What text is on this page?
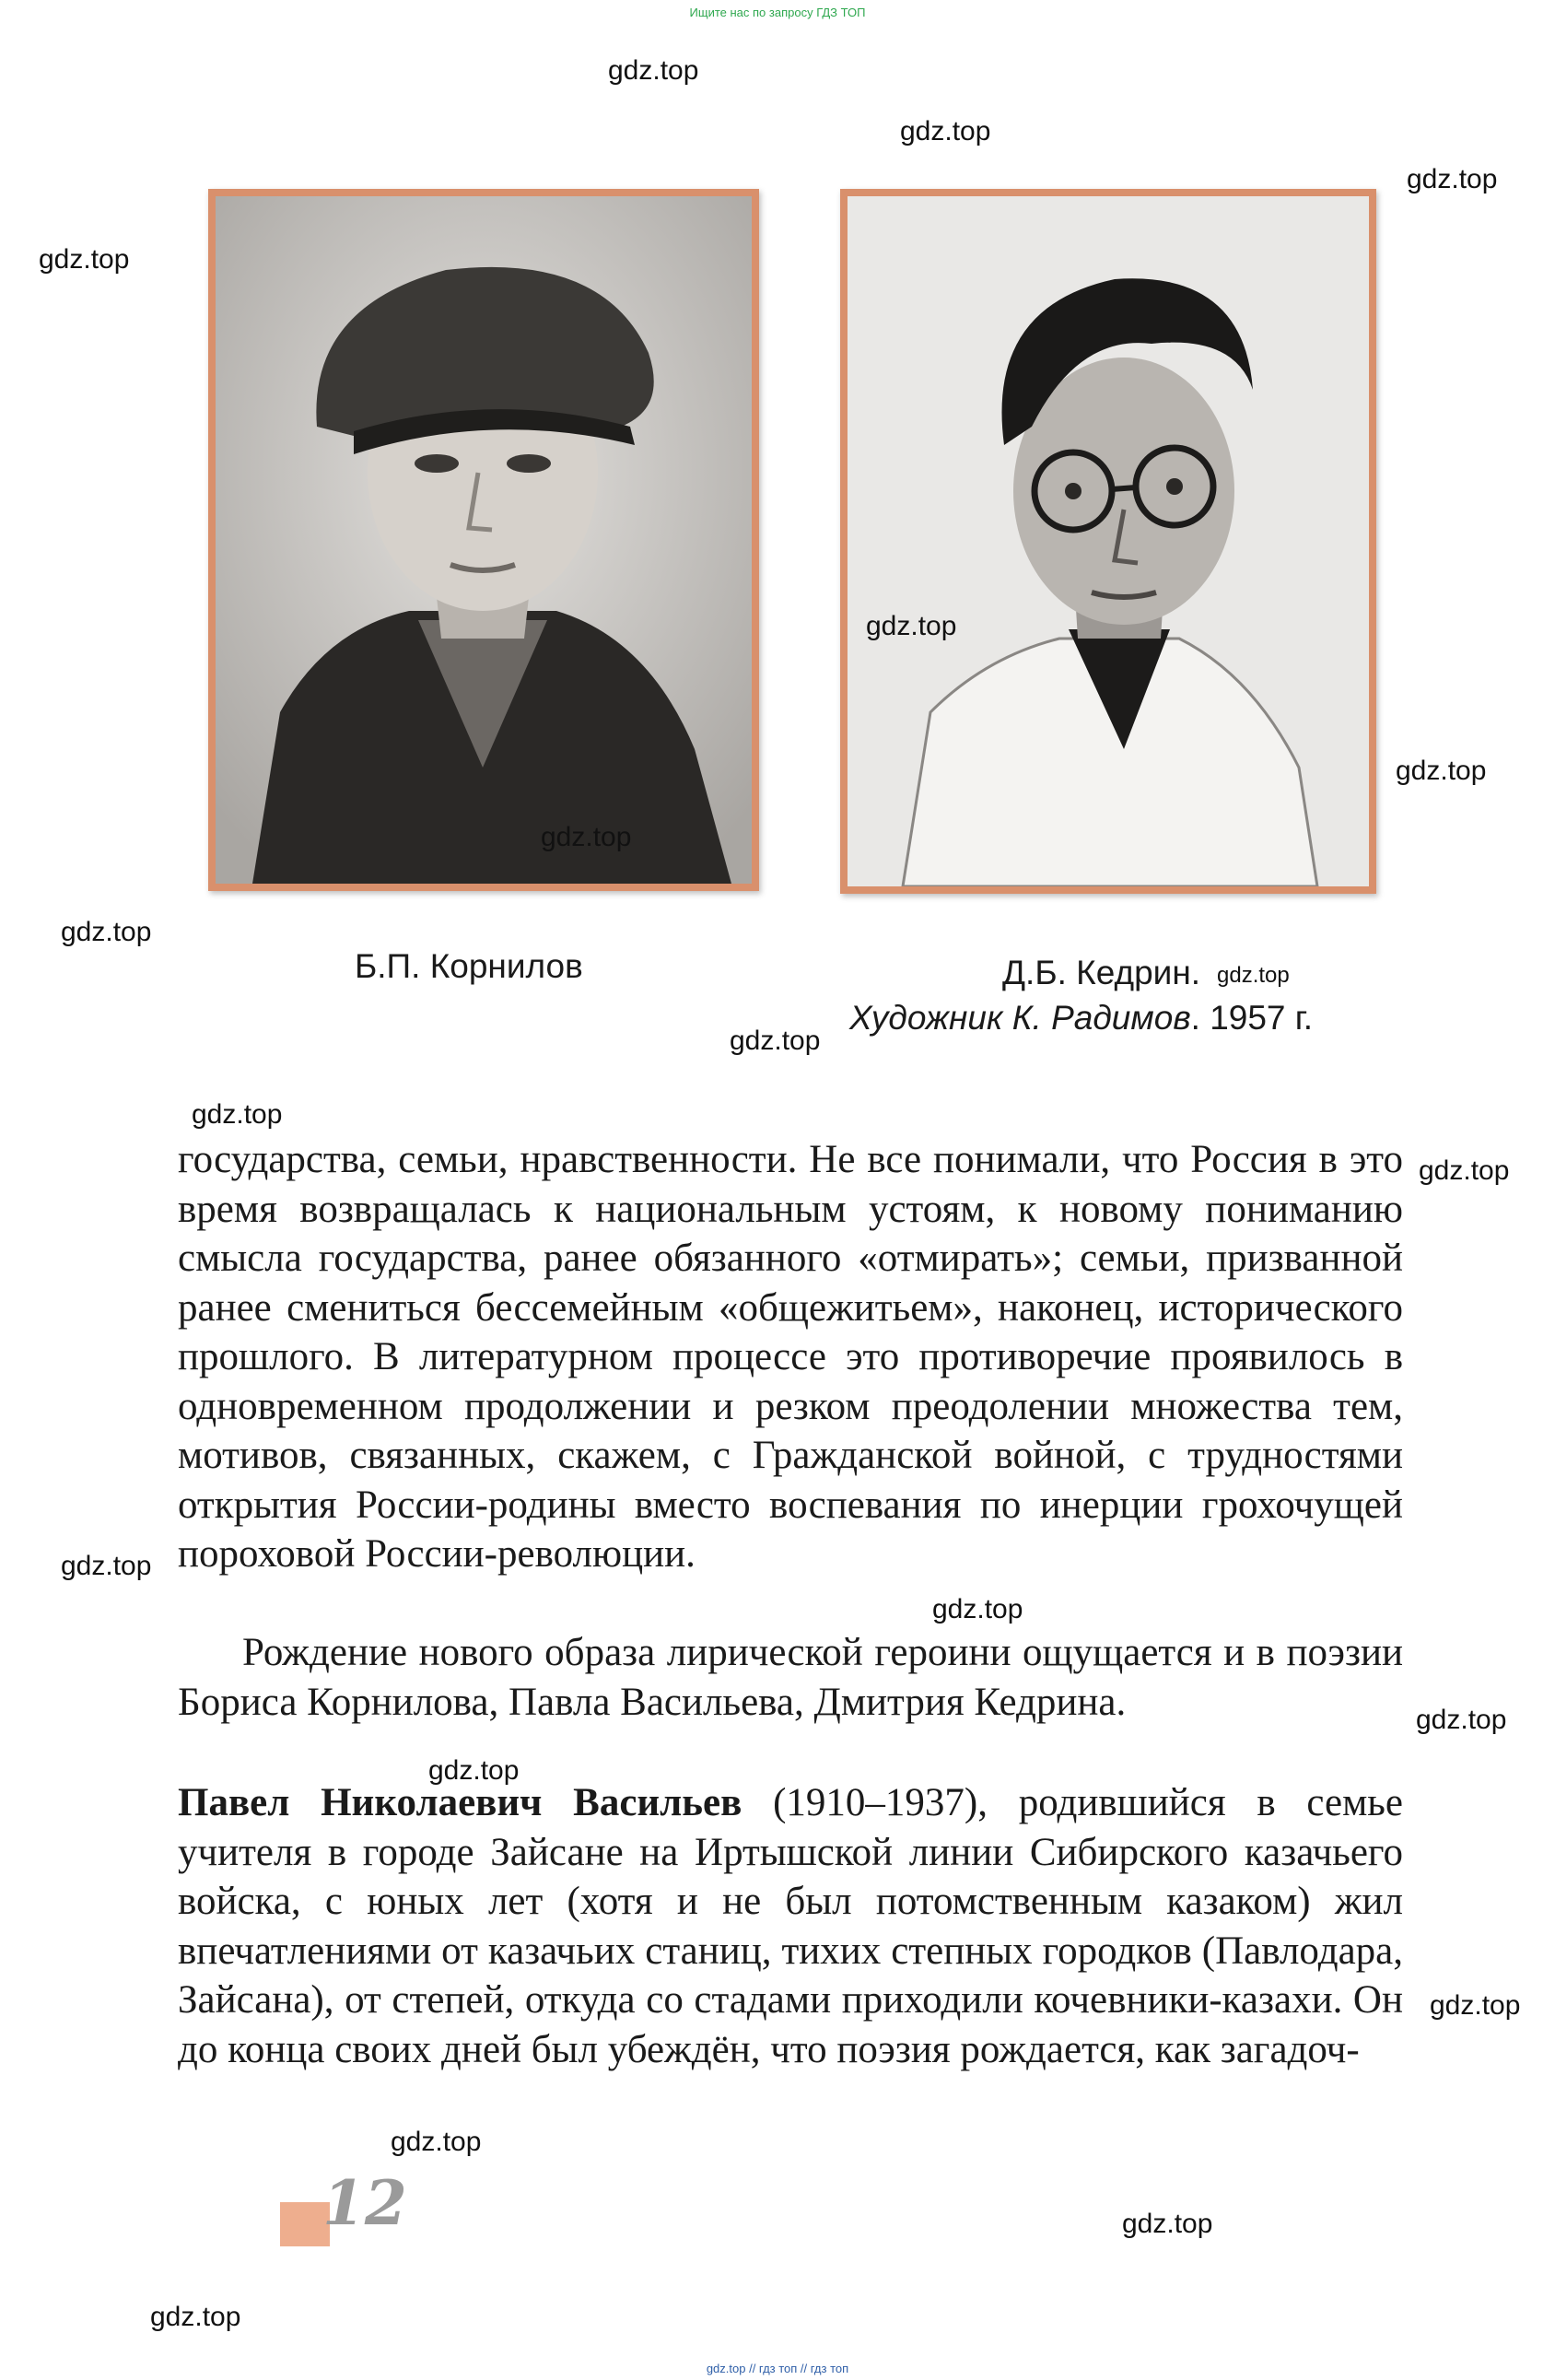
Ищите нас по запросу ГДЗ ТОП
Б.П. Корнилов	Д.Б. Кедрин.
Художник К. Радимов. 1957 г.

государства, семьи, нравственности. Не все понимали, что Россия в это время возвращалась к национальным устоям, к новому пониманию смысла государства, ранее обязанного «отмирать»; семьи, призванной ранее смениться бессемейным «общежитьем», наконец, исторического прошлого. В литературном процессе это противоречие проявилось в одновременном продолжении и резком преодолении множества тем, мотивов, связанных, скажем, с Гражданской войной, с трудностями открытия России-родины вместо воспевания по инерции грохочущей пороховой России-революции.

Рождение нового образа лирической героини ощущается и в поэзии Бориса Корнилова, Павла Васильева, Дмитрия Кедрина.

Павел Николаевич Васильев (1910–1937), родившийся в семье учителя в городе Зайсане на Иртышской линии Сибирского казачьего войска, с юных лет (хотя и не был потомственным казаком) жил впечатлениями от казачьих станиц, тихих степных городков (Павлодара, Зайсана), от степей, откуда со стадами приходили кочевники-казахи. Он до конца своих дней был убеждён, что поэзия рождается, как загадоч-

12
gdz.top
gdz.top
gdz.top
gdz.top
gdz.top
gdz.top
gdz.top
gdz.top
gdz.top
gdz.top
gdz.top
gdz.top
gdz.top
gdz.top
gdz.top
gdz.top
gdz.top
gdz.top
gdz.top
gdz.top
gdz.top // гдз топ // гдз топ
